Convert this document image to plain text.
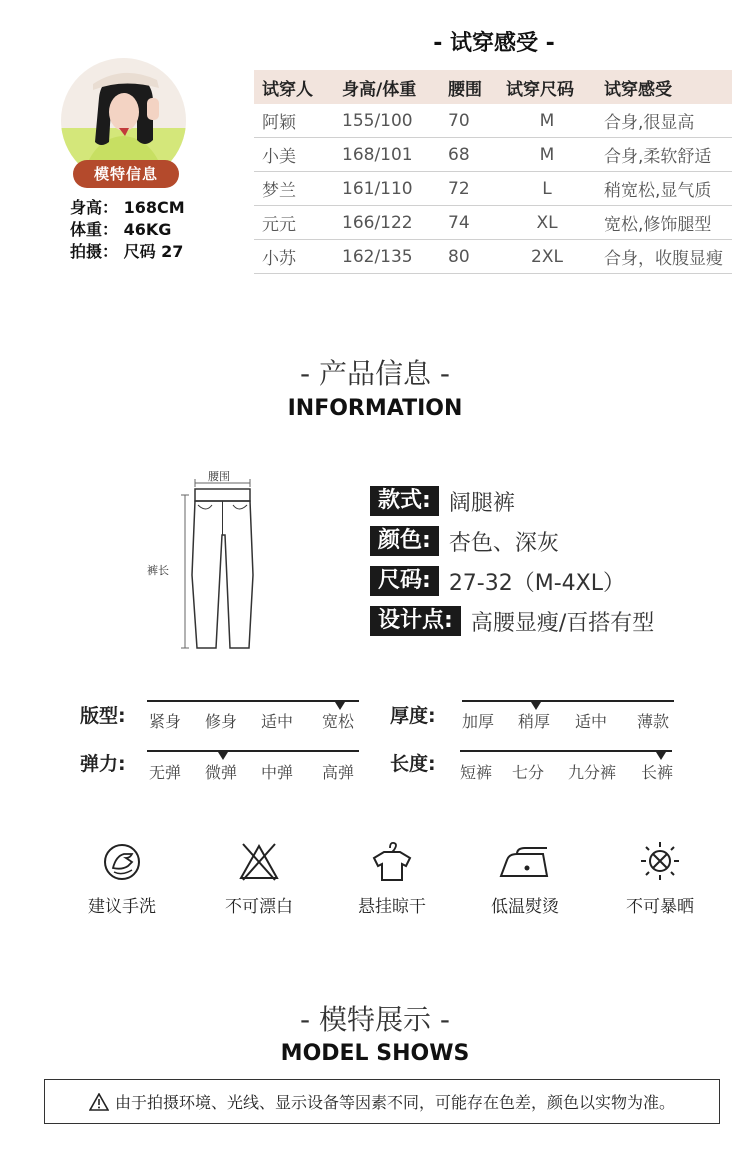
模特信息
身高： 168CM
体重： 46KG
拍摄： 尺码 27
- 试穿感受 -
试穿人	身高/体重	腰围	试穿尺码	试穿感受
阿颖	155/100	70	M	合身,很显高
小美	168/101	68	M	合身,柔软舒适
梦兰	161/110	72	L	稍宽松,显气质
元元	166/122	74	XL	宽松,修饰腿型
小苏	162/135	80	2XL	合身，收腹显瘦
- 产品信息 -
INFORMATION
腰围
裤长
款式: 阔腿裤
颜色: 杏色、深灰
尺码: 27-32（M-4XL）
设计点: 高腰显瘦/百搭有型
版型: 紧身 修身 适中 宽松 厚度: 加厚 稍厚 适中 薄款
弹力: 无弹 微弹 中弹 高弹 长度: 短裤 七分 九分裤 长裤
建议手洗	不可漂白	悬挂晾干	低温熨烫	不可暴晒
- 模特展示 -
MODEL SHOWS
由于拍摄环境、光线、显示设备等因素不同，可能存在色差，颜色以实物为准。
